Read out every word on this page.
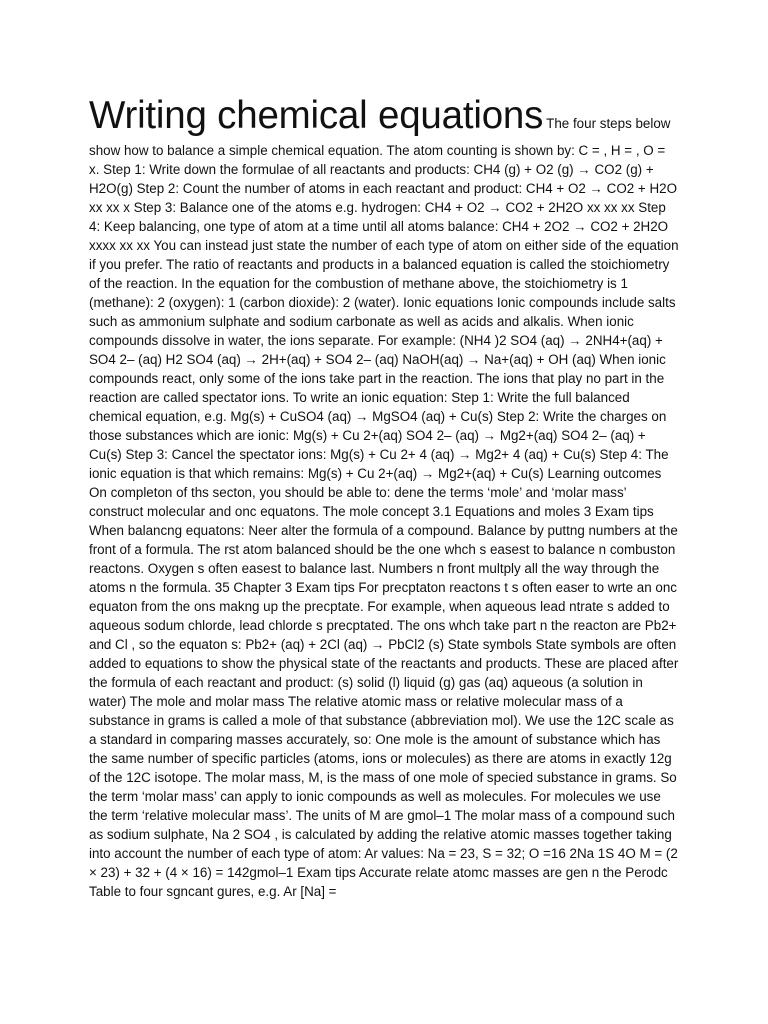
Writing chemical equations The four steps below

show how to balance a simple chemical equation. The atom counting is shown by: C = , H = , O = x. Step 1: Write down the formulae of all reactants and products: CH4 (g) + O2 (g) → CO2 (g) + H2O(g) Step 2: Count the number of atoms in each reactant and product: CH4 + O2 → CO2 + H2O xx xx x Step 3: Balance one of the atoms e.g. hydrogen: CH4 + O2 → CO2 + 2H2O xx xx xx Step 4: Keep balancing, one type of atom at a time until all atoms balance: CH4 + 2O2 → CO2 + 2H2O xxxx xx xx You can instead just state the number of each type of atom on either side of the equation if you prefer. The ratio of reactants and products in a balanced equation is called the stoichiometry of the reaction. In the equation for the combustion of methane above, the stoichiometry is 1 (methane): 2 (oxygen): 1 (carbon dioxide): 2 (water). Ionic equations Ionic compounds include salts such as ammonium sulphate and sodium carbonate as well as acids and alkalis. When ionic compounds dissolve in water, the ions separate. For example: (NH4 )2 SO4 (aq) → 2NH4+(aq) + SO4 2– (aq) H2 SO4 (aq) → 2H+(aq) + SO4 2– (aq) NaOH(aq) → Na+(aq) + OH (aq) When ionic compounds react, only some of the ions take part in the reaction. The ions that play no part in the reaction are called spectator ions. To write an ionic equation: Step 1: Write the full balanced chemical equation, e.g. Mg(s) + CuSO4 (aq) → MgSO4 (aq) + Cu(s) Step 2: Write the charges on those substances which are ionic: Mg(s) + Cu 2+(aq) SO4 2– (aq) → Mg2+(aq) SO4 2– (aq) + Cu(s) Step 3: Cancel the spectator ions: Mg(s) + Cu 2+ 4 (aq) → Mg2+ 4 (aq) + Cu(s) Step 4: The ionic equation is that which remains: Mg(s) + Cu 2+(aq) → Mg2+(aq) + Cu(s) Learning outcomes On completon of ths secton, you should be able to: dene the terms ‘mole’ and ‘molar mass’ construct molecular and onc equatons. The mole concept 3.1 Equations and moles 3 Exam tips When balancng equatons: Neer alter the formula of a compound. Balance by puttng numbers at the front of a formula. The rst atom balanced should be the one whch s easest to balance n combuston reactons. Oxygen s often easest to balance last. Numbers n front multply all the way through the atoms n the formula. 35 Chapter 3 Exam tips For precptaton reactons t s often easer to wrte an onc equaton from the ons makng up the precptate. For example, when aqueous lead ntrate s added to aqueous sodum chlorde, lead chlorde s precptated. The ons whch take part n the reacton are Pb2+ and Cl , so the equaton s: Pb2+ (aq) + 2Cl (aq) → PbCl2 (s) State symbols State symbols are often added to equations to show the physical state of the reactants and products. These are placed after the formula of each reactant and product: (s) solid (l) liquid (g) gas (aq) aqueous (a solution in water) The mole and molar mass The relative atomic mass or relative molecular mass of a substance in grams is called a mole of that substance (abbreviation mol). We use the 12C scale as a standard in comparing masses accurately, so: One mole is the amount of substance which has the same number of specific particles (atoms, ions or molecules) as there are atoms in exactly 12g of the 12C isotope. The molar mass, M, is the mass of one mole of specied substance in grams. So the term ‘molar mass’ can apply to ionic compounds as well as molecules. For molecules we use the term ‘relative molecular mass’. The units of M are gmol–1 The molar mass of a compound such as sodium sulphate, Na 2 SO4 , is calculated by adding the relative atomic masses together taking into account the number of each type of atom: Ar values: Na = 23, S = 32; O =16 2Na 1S 4O M = (2 × 23) + 32 + (4 × 16) = 142gmol–1 Exam tips Accurate relate atomc masses are gen n the Perodc Table to four sgncant gures, e.g. Ar [Na] =
